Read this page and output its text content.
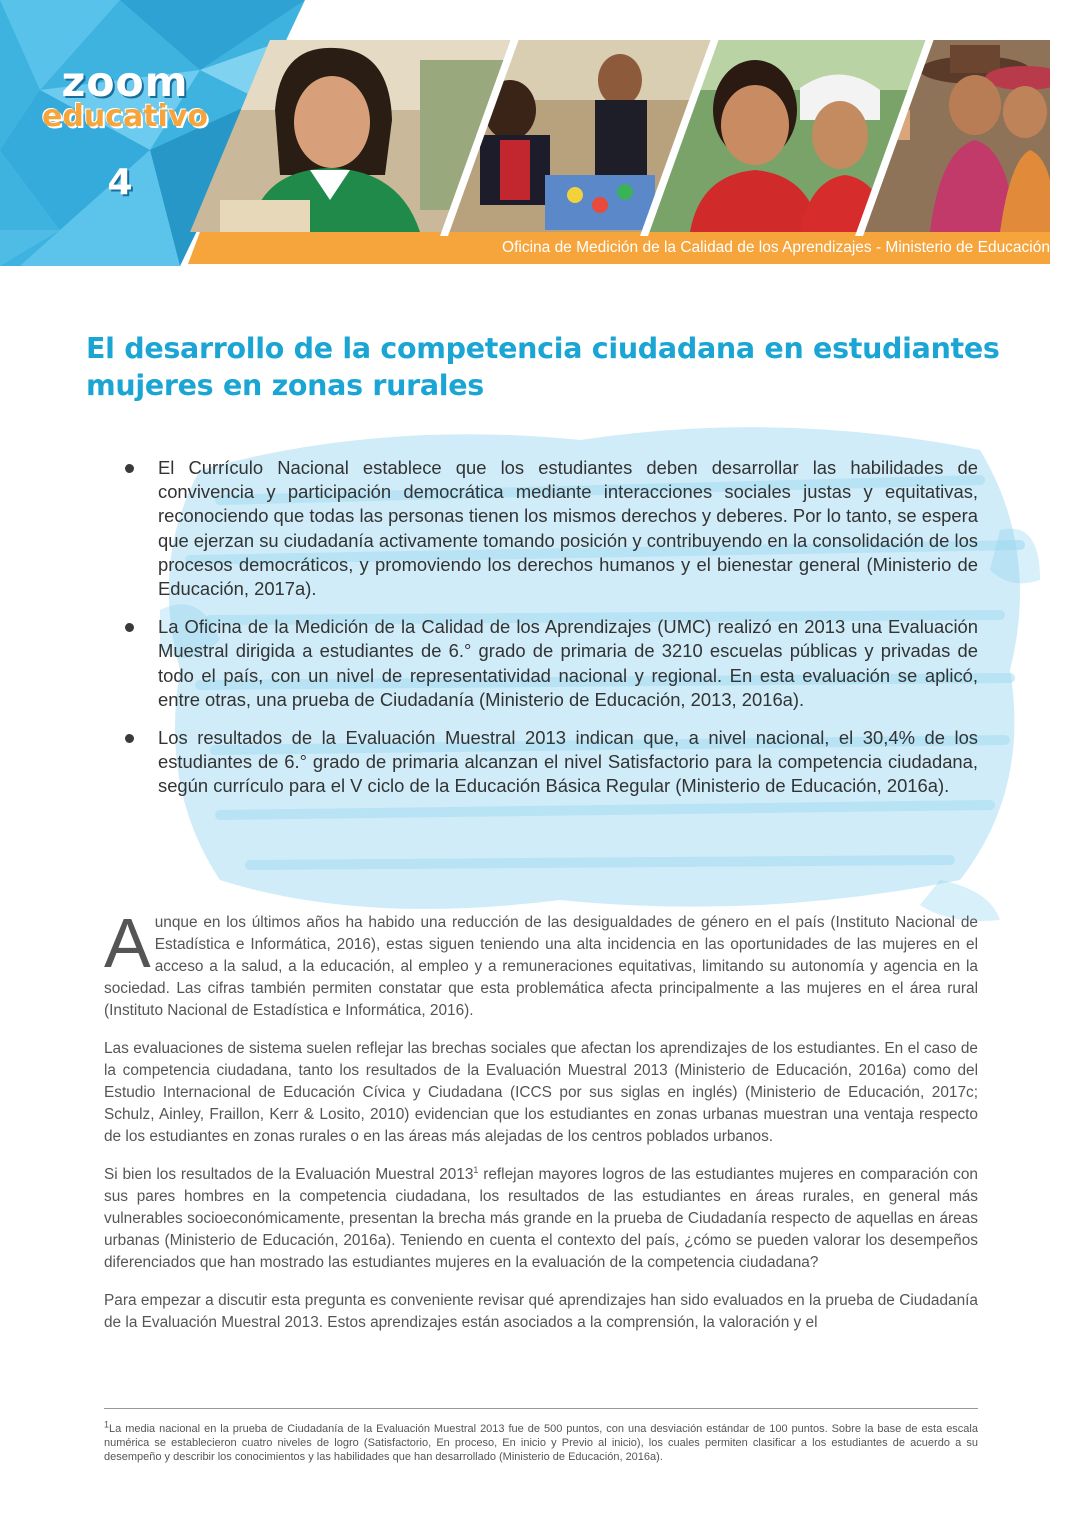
zoom
educativo
4
Oficina de Medición de la Calidad de los Aprendizajes - Ministerio de Educación
El desarrollo de la competencia ciudadana en estudiantes mujeres en zonas rurales
El Currículo Nacional establece que los estudiantes deben desarrollar las habilidades de convivencia y participación democrática mediante interacciones sociales justas y equitativas, reconociendo que todas las personas tienen los mismos derechos y deberes. Por lo tanto, se espera que ejerzan su ciudadanía activamente tomando posición y contribuyendo en la consolidación de los procesos democráticos, y promoviendo los derechos humanos y el bienestar general (Ministerio de Educación, 2017a).
La Oficina de la Medición de la Calidad de los Aprendizajes (UMC) realizó en 2013 una Evaluación Muestral dirigida a estudiantes de 6.° grado de primaria de 3210 escuelas públicas y privadas de todo el país, con un nivel de representatividad nacional y regional. En esta evaluación se aplicó, entre otras, una prueba de Ciudadanía (Ministerio de Educación, 2013, 2016a).
Los resultados de la Evaluación Muestral 2013 indican que, a nivel nacional, el 30,4% de los estudiantes de 6.° grado de primaria alcanzan el nivel Satisfactorio para la competencia ciudadana, según currículo para el V ciclo de la Educación Básica Regular (Ministerio de Educación, 2016a).

Aunque en los últimos años ha habido una reducción de las desigualdades de género en el país (Instituto Nacional de Estadística e Informática, 2016), estas siguen teniendo una alta incidencia en las oportunidades de las mujeres en el acceso a la salud, a la educación, al empleo y a remuneraciones equitativas, limitando su autonomía y agencia en la sociedad. Las cifras también permiten constatar que esta problemática afecta principalmente a las mujeres en el área rural (Instituto Nacional de Estadística e Informática, 2016).

Las evaluaciones de sistema suelen reflejar las brechas sociales que afectan los aprendizajes de los estudiantes. En el caso de la competencia ciudadana, tanto los resultados de la Evaluación Muestral 2013 (Ministerio de Educación, 2016a) como del Estudio Internacional de Educación Cívica y Ciudadana (ICCS por sus siglas en inglés) (Ministerio de Educación, 2017c; Schulz, Ainley, Fraillon, Kerr & Losito, 2010) evidencian que los estudiantes en zonas urbanas muestran una ventaja respecto de los estudiantes en zonas rurales o en las áreas más alejadas de los centros poblados urbanos.

Si bien los resultados de la Evaluación Muestral 2013$^1$ reflejan mayores logros de las estudiantes mujeres en comparación con sus pares hombres en la competencia ciudadana, los resultados de las estudiantes en áreas rurales, en general más vulnerables socioeconómicamente, presentan la brecha más grande en la prueba de Ciudadanía respecto de aquellas en áreas urbanas (Ministerio de Educación, 2016a). Teniendo en cuenta el contexto del país, ¿cómo se pueden valorar los desempeños diferenciados que han mostrado las estudiantes mujeres en la evaluación de la competencia ciudadana?

Para empezar a discutir esta pregunta es conveniente revisar qué aprendizajes han sido evaluados en la prueba de Ciudadanía de la Evaluación Muestral 2013. Estos aprendizajes están asociados a la comprensión, la valoración y el

$^1$La media nacional en la prueba de Ciudadanía de la Evaluación Muestral 2013 fue de 500 puntos, con una desviación estándar de 100 puntos. Sobre la base de esta escala numérica se establecieron cuatro niveles de logro (Satisfactorio, En proceso, En inicio y Previo al inicio), los cuales permiten clasificar a los estudiantes de acuerdo a su desempeño y describir los conocimientos y las habilidades que han desarrollado (Ministerio de Educación, 2016a).
